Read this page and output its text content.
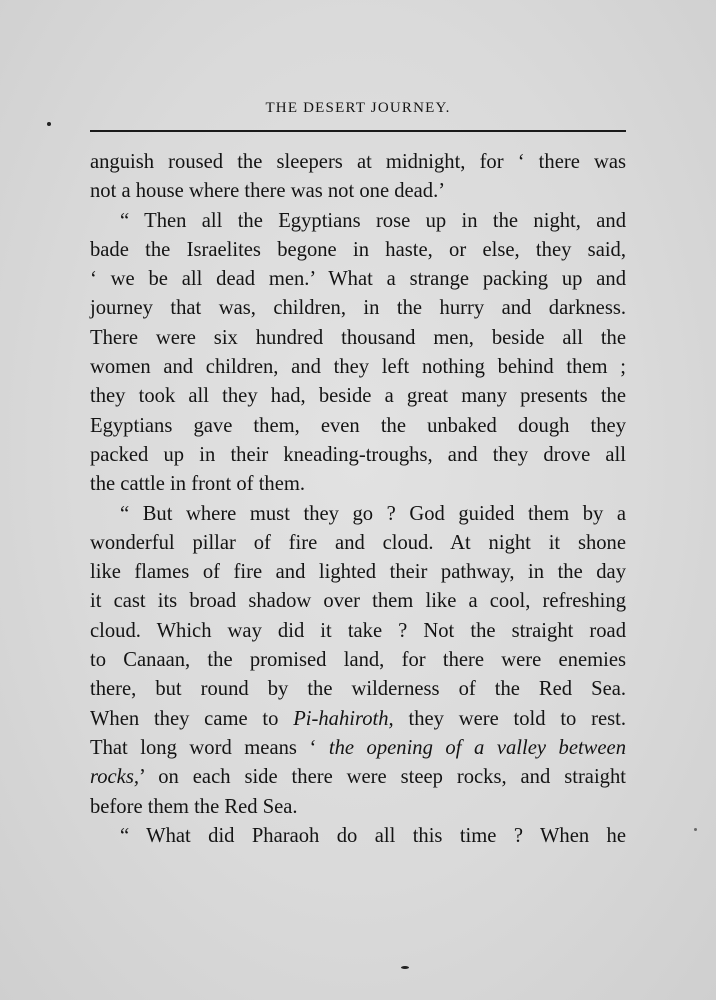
THE DESERT JOURNEY.
anguish roused the sleepers at midnight, for ‘ there was
not a house where there was not one dead.’
“ Then all the Egyptians rose up in the night, and
bade the Israelites begone in haste, or else, they said,
‘ we be all dead men.’ What a strange packing up and
journey that was, children, in the hurry and darkness.
There were six hundred thousand men, beside all the
women and children, and they left nothing behind them ;
they took all they had, beside a great many presents the
Egyptians gave them, even the unbaked dough they
packed up in their kneading-troughs, and they drove all
the cattle in front of them.
“ But where must they go ? God guided them by a
wonderful pillar of fire and cloud. At night it shone
like flames of fire and lighted their pathway, in the day
it cast its broad shadow over them like a cool, refreshing
cloud. Which way did it take ? Not the straight road
to Canaan, the promised land, for there were enemies
there, but round by the wilderness of the Red Sea.
When they came to Pi-hahiroth, they were told to rest.
That long word means ‘ the opening of a valley between
rocks,’ on each side there were steep rocks, and straight
before them the Red Sea.
“ What did Pharaoh do all this time ? When he
